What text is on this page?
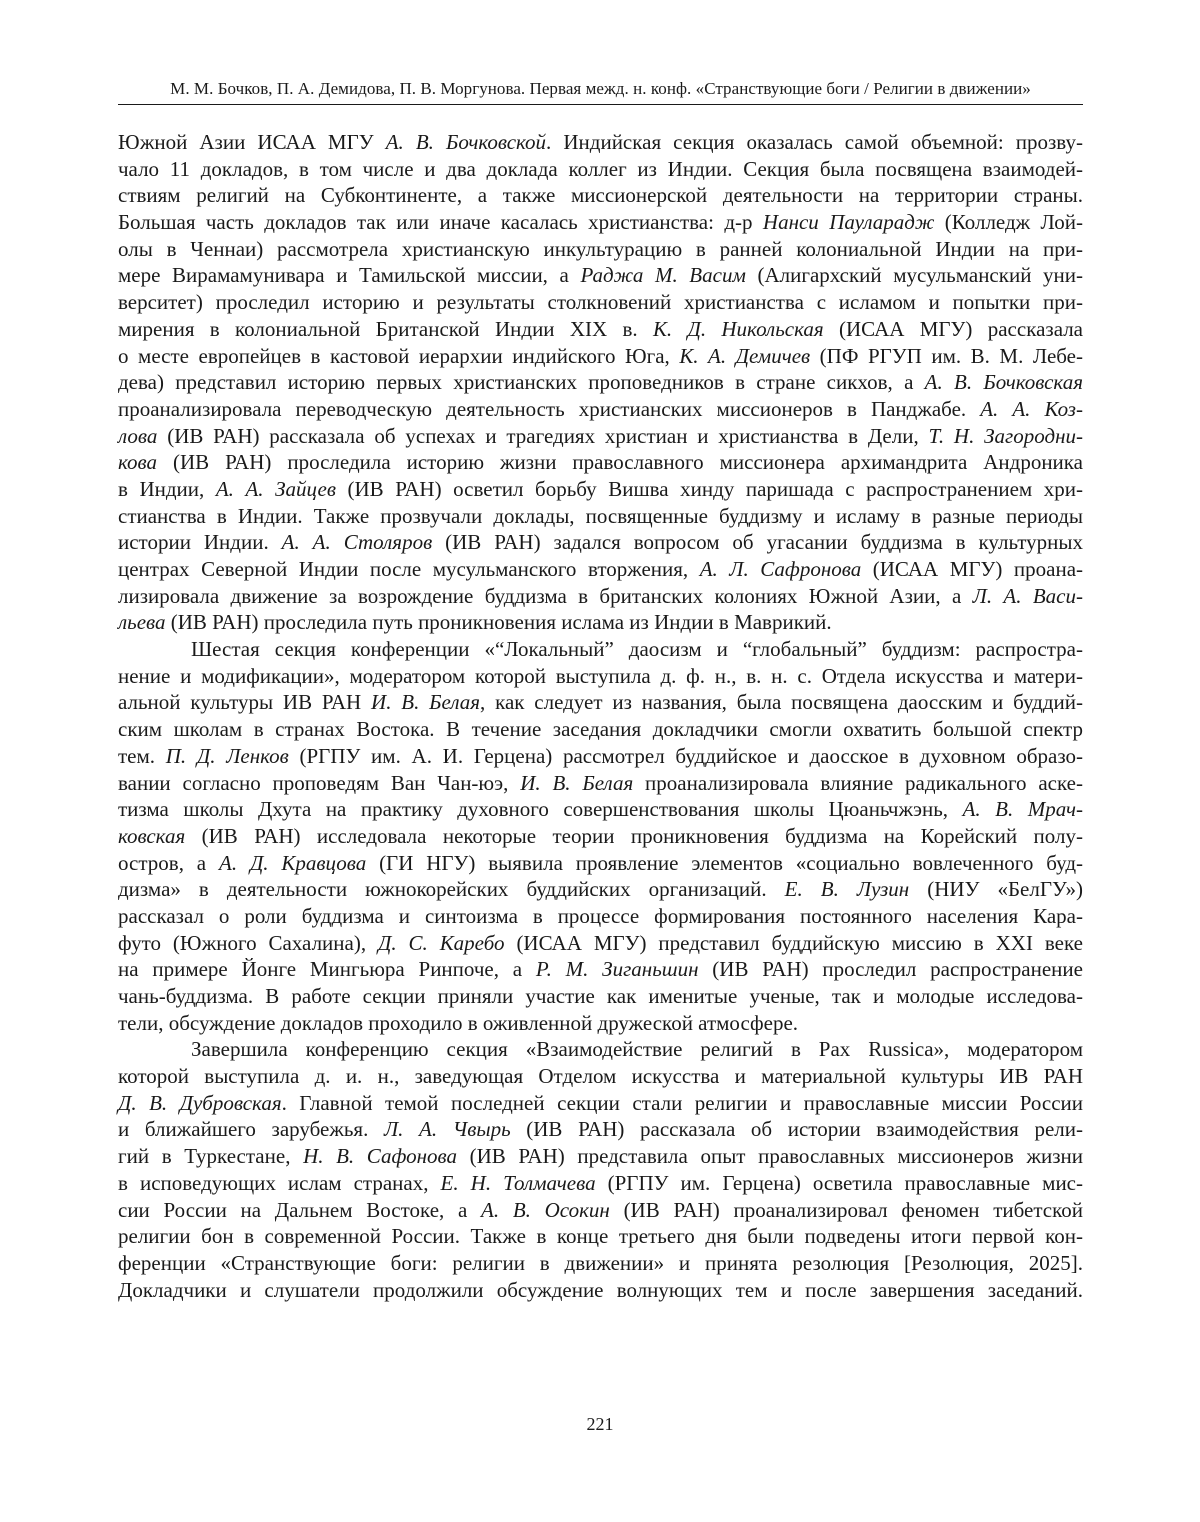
М. М. Бочков, П. А. Демидова, П. В. Моргунова. Первая межд. н. конф. «Странствующие боги / Религии в движении»
Южной Азии ИСАА МГУ А. В. Бочковской. Индийская секция оказалась самой объемной: прозву-
чало 11 докладов, в том числе и два доклада коллег из Индии. Секция была посвящена взаимодей-
ствиям религий на Субконтиненте, а также миссионерской деятельности на территории страны.
Большая часть докладов так или иначе касалась христианства: д-р Нанси Пауларадж (Колледж Лой-
олы в Ченнаи) рассмотрела христианскую инкультурацию в ранней колониальной Индии на при-
мере Вирамамунивара и Тамильской миссии, а Раджа М. Васим (Алигархский мусульманский уни-
верситет) проследил историю и результаты столкновений христианства с исламом и попытки при-
мирения в колониальной Британской Индии XIX в. К. Д. Никольская (ИСАА МГУ) рассказала
о месте европейцев в кастовой иерархии индийского Юга, К. А. Демичев (ПФ РГУП им. В. М. Лебе-
дева) представил историю первых христианских проповедников в стране сикхов, а А. В. Бочковская
проанализировала переводческую деятельность христианских миссионеров в Панджабе. А. А. Коз-
лова (ИВ РАН) рассказала об успехах и трагедиях христиан и христианства в Дели, Т. Н. Загородни-
кова (ИВ РАН) проследила историю жизни православного миссионера архимандрита Андроника
в Индии, А. А. Зайцев (ИВ РАН) осветил борьбу Вишва хинду паришада с распространением хри-
стианства в Индии. Также прозвучали доклады, посвященные буддизму и исламу в разные периоды
истории Индии. А. А. Столяров (ИВ РАН) задался вопросом об угасании буддизма в культурных
центрах Северной Индии после мусульманского вторжения, А. Л. Сафронова (ИСАА МГУ) проана-
лизировала движение за возрождение буддизма в британских колониях Южной Азии, а Л. А. Васи-
льева (ИВ РАН) проследила путь проникновения ислама из Индии в Маврикий.
Шестая секция конференции «“Локальный” даосизм и “глобальный” буддизм: распростра-
нение и модификации», модератором которой выступила д. ф. н., в. н. с. Отдела искусства и матери-
альной культуры ИВ РАН И. В. Белая, как следует из названия, была посвящена даосским и буддий-
ским школам в странах Востока. В течение заседания докладчики смогли охватить большой спектр
тем. П. Д. Ленков (РГПУ им. А. И. Герцена) рассмотрел буддийское и даосское в духовном образо-
вании согласно проповедям Ван Чан-юэ, И. В. Белая проанализировала влияние радикального аске-
тизма школы Дхута на практику духовного совершенствования школы Цюаньчжэнь, А. В. Мрач-
ковская (ИВ РАН) исследовала некоторые теории проникновения буддизма на Корейский полу-
остров, а А. Д. Кравцова (ГИ НГУ) выявила проявление элементов «социально вовлеченного буд-
дизма» в деятельности южнокорейских буддийских организаций. Е. В. Лузин (НИУ «БелГУ»)
рассказал о роли буддизма и синтоизма в процессе формирования постоянного населения Кара-
футо (Южного Сахалина), Д. С. Каребо (ИСАА МГУ) представил буддийскую миссию в XXI веке
на примере Йонге Мингьюра Ринпоче, а Р. М. Зиганьшин (ИВ РАН) проследил распространение
чань-буддизма. В работе секции приняли участие как именитые ученые, так и молодые исследова-
тели, обсуждение докладов проходило в оживленной дружеской атмосфере.
Завершила конференцию секция «Взаимодействие религий в Pax Russica», модератором
которой выступила д. и. н., заведующая Отделом искусства и материальной культуры ИВ РАН
Д. В. Дубровская. Главной темой последней секции стали религии и православные миссии России
и ближайшего зарубежья. Л. А. Чвырь (ИВ РАН) рассказала об истории взаимодействия рели-
гий в Туркестане, Н. В. Сафонова (ИВ РАН) представила опыт православных миссионеров жизни
в исповедующих ислам странах, Е. Н. Толмачева (РГПУ им. Герцена) осветила православные мис-
сии России на Дальнем Востоке, а А. В. Осокин (ИВ РАН) проанализировал феномен тибетской
религии бон в современной России. Также в конце третьего дня были подведены итоги первой кон-
ференции «Странствующие боги: религии в движении» и принята резолюция [Резолюция, 2025].
Докладчики и слушатели продолжили обсуждение волнующих тем и после завершения заседаний.
221
